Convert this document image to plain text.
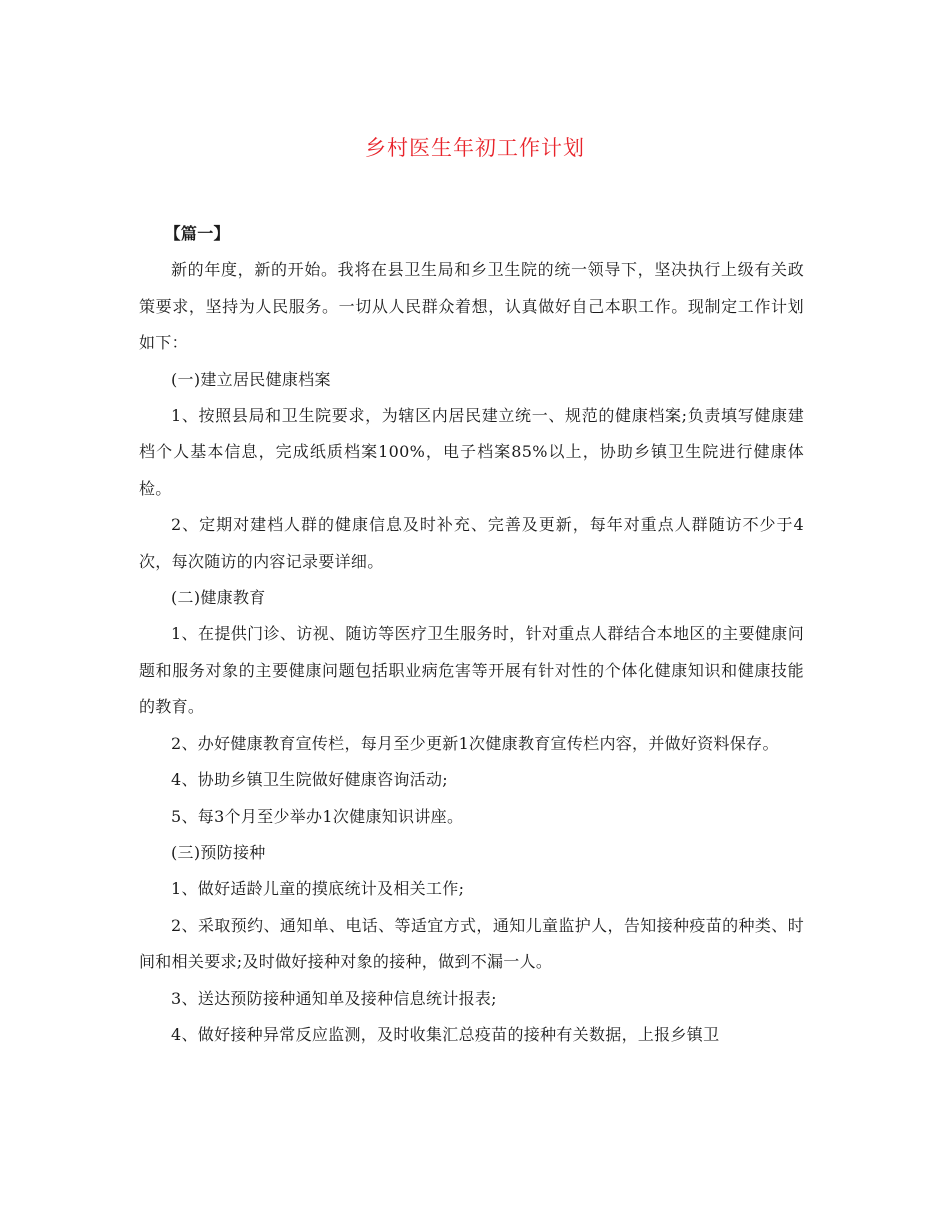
乡村医生年初工作计划

【篇一】

新的年度，新的开始。我将在县卫生局和乡卫生院的统一领导下，坚决执行上级有关政策要求，坚持为人民服务。一切从人民群众着想，认真做好自己本职工作。现制定工作计划如下：

(一)建立居民健康档案

1、按照县局和卫生院要求，为辖区内居民建立统一、规范的健康档案;负责填写健康建档个人基本信息，完成纸质档案100%，电子档案85%以上，协助乡镇卫生院进行健康体检。

2、定期对建档人群的健康信息及时补充、完善及更新，每年对重点人群随访不少于4次，每次随访的内容记录要详细。

(二)健康教育

1、在提供门诊、访视、随访等医疗卫生服务时，针对重点人群结合本地区的主要健康问题和服务对象的主要健康问题包括职业病危害等开展有针对性的个体化健康知识和健康技能的教育。

2、办好健康教育宣传栏，每月至少更新1次健康教育宣传栏内容，并做好资料保存。

4、协助乡镇卫生院做好健康咨询活动;

5、每3个月至少举办1次健康知识讲座。

(三)预防接种

1、做好适龄儿童的摸底统计及相关工作;

2、采取预约、通知单、电话、等适宜方式，通知儿童监护人，告知接种疫苗的种类、时间和相关要求;及时做好接种对象的接种，做到不漏一人。

3、送达预防接种通知单及接种信息统计报表;

4、做好接种异常反应监测，及时收集汇总疫苗的接种有关数据，上报乡镇卫
